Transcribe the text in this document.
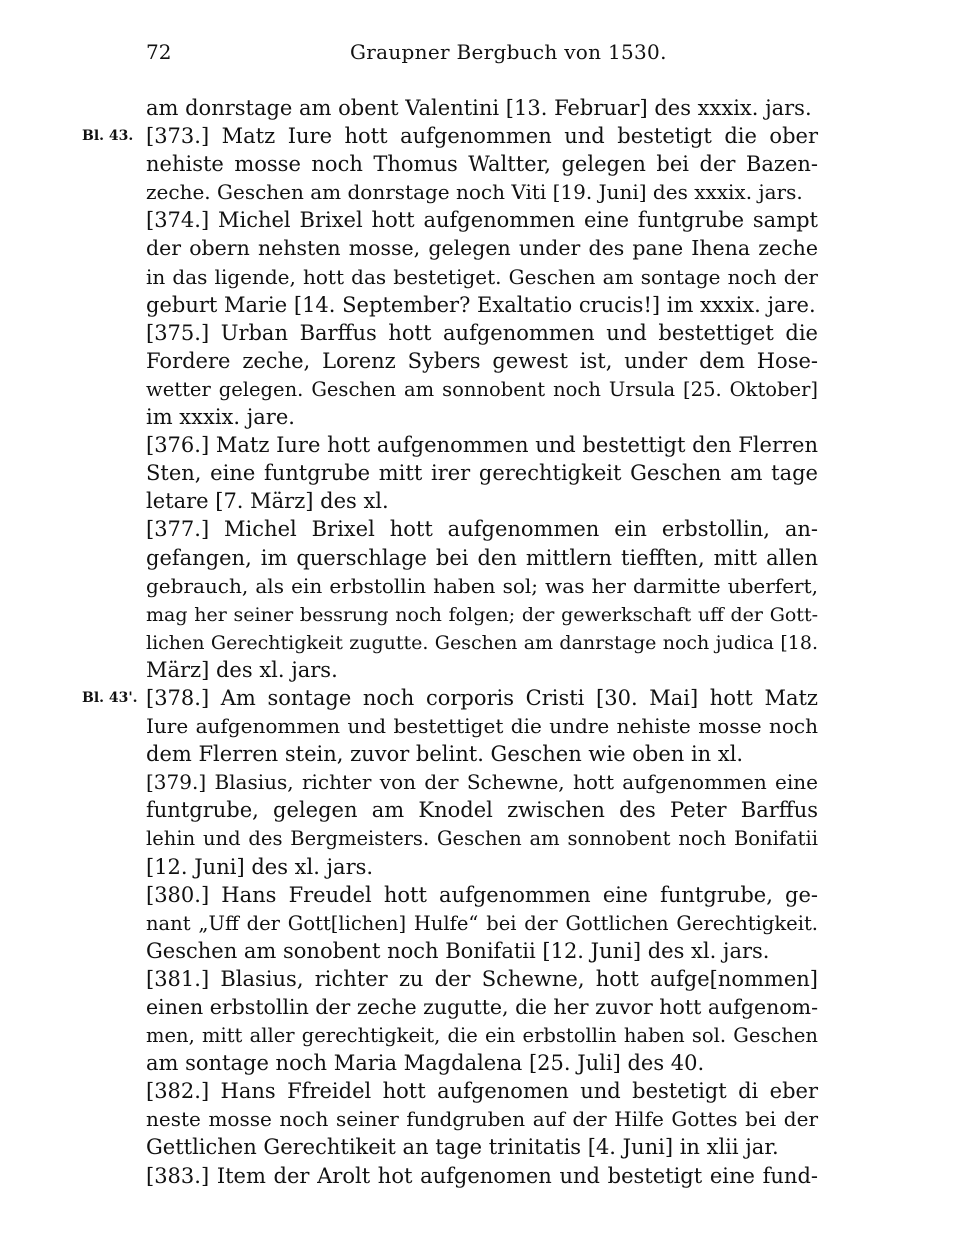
72	Graupner Bergbuch von 1530.
am donrstage am obent Valentini [13. Februar] des xxxix. jars.
[373.] Matz Iure hott aufgenommen und bestetigt die ober
Bl. 43.
nehiste mosse noch Thomus Waltter, gelegen bei der Bazen-
zeche. Geschen am donrstage noch Viti [19. Juni] des xxxix. jars.
[374.] Michel Brixel hott aufgenommen eine funtgrube sampt
der obern nehsten mosse, gelegen under des pane Ihena zeche
in das ligende, hott das bestetiget. Geschen am sontage noch der
geburt Marie [14. September? Exaltatio crucis!] im xxxix. jare.
[375.] Urban Barffus hott aufgenommen und bestettiget die
Fordere zeche, Lorenz Sybers gewest ist, under dem Hose-
wetter gelegen. Geschen am sonnobent noch Ursula [25. Oktober]
im xxxix. jare.
[376.] Matz Iure hott aufgenommen und bestettigt den Flerren
Sten, eine funtgrube mitt irer gerechtigkeit Geschen am tage
letare [7. März] des xl.
[377.] Michel Brixel hott aufgenommen ein erbstollin, an-
gefangen, im querschlage bei den mittlern tiefften, mitt allen
gebrauch, als ein erbstollin haben sol; was her darmitte uberfert,
mag her seiner bessrung noch folgen; der gewerkschaft uff der Gott-
lichen Gerechtigkeit zugutte. Geschen am danrstage noch judica [18.
März] des xl. jars.
[378.] Am sontage noch corporis Cristi [30. Mai] hott Matz
Bl. 43'.
Iure aufgenommen und bestettiget die undre nehiste mosse noch
dem Flerren stein, zuvor belint. Geschen wie oben in xl.
[379.] Blasius, richter von der Schewne, hott aufgenommen eine
funtgrube, gelegen am Knodel zwischen des Peter Barffus
lehin und des Bergmeisters. Geschen am sonnobent noch Bonifatii
[12. Juni] des xl. jars.
[380.] Hans Freudel hott aufgenommen eine funtgrube, ge-
nant „Uff der Gott[lichen] Hulfe“ bei der Gottlichen Gerechtigkeit.
Geschen am sonobent noch Bonifatii [12. Juni] des xl. jars.
[381.] Blasius, richter zu der Schewne, hott aufge[nommen]
einen erbstollin der zeche zugutte, die her zuvor hott aufgenom-
men, mitt aller gerechtigkeit, die ein erbstollin haben sol. Geschen
am sontage noch Maria Magdalena [25. Juli] des 40.
[382.] Hans Ffreidel hott aufgenomen und bestetigt di eber
neste mosse noch seiner fundgruben auf der Hilfe Gottes bei der
Gettlichen Gerechtikeit an tage trinitatis [4. Juni] in xlii jar.
[383.] Item der Arolt hot aufgenomen und bestetigt eine fund-
